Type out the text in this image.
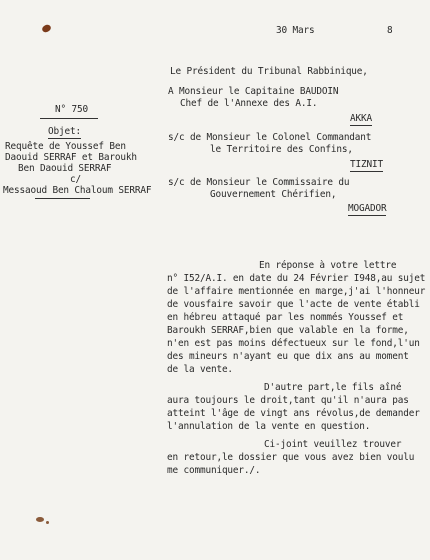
30 Mars	8
Le Président du Tribunal Rabbinique,
A Monsieur le Capitaine BAUDOIN
Chef de l'Annexe des A.I.
AKKA
s/c de Monsieur le Colonel Commandant
le Territoire des Confins,
TIZNIT
s/c de Monsieur le Commissaire du
Gouvernement Chérifien,
MOGADOR
N° 750
Objet:
Requête de Youssef Ben
Daouid SERRAF et Baroukh
Ben Daouid SERRAF
c/
Messaoud Ben Chaloum SERRAF
En réponse à votre lettre
n° I52/A.I. en date du 24 Février I948,au sujet
de l'affaire mentionnée en marge,j'ai l'honneur
de vousfaire savoir que l'acte de vente établi
en hébreu attaqué par les nommés Youssef et
Baroukh SERRAF,bien que valable en la forme,
n'en est pas moins défectueux sur le fond,l'un
des mineurs n'ayant eu que dix ans au moment
de la vente.
D'autre part,le fils aîné
aura toujours le droit,tant qu'il n'aura pas
atteint l'âge de vingt ans révolus,de demander
l'annulation de la vente en question.
Ci-joint veuillez trouver
en retour,le dossier que vous avez bien voulu
me communiquer./.
